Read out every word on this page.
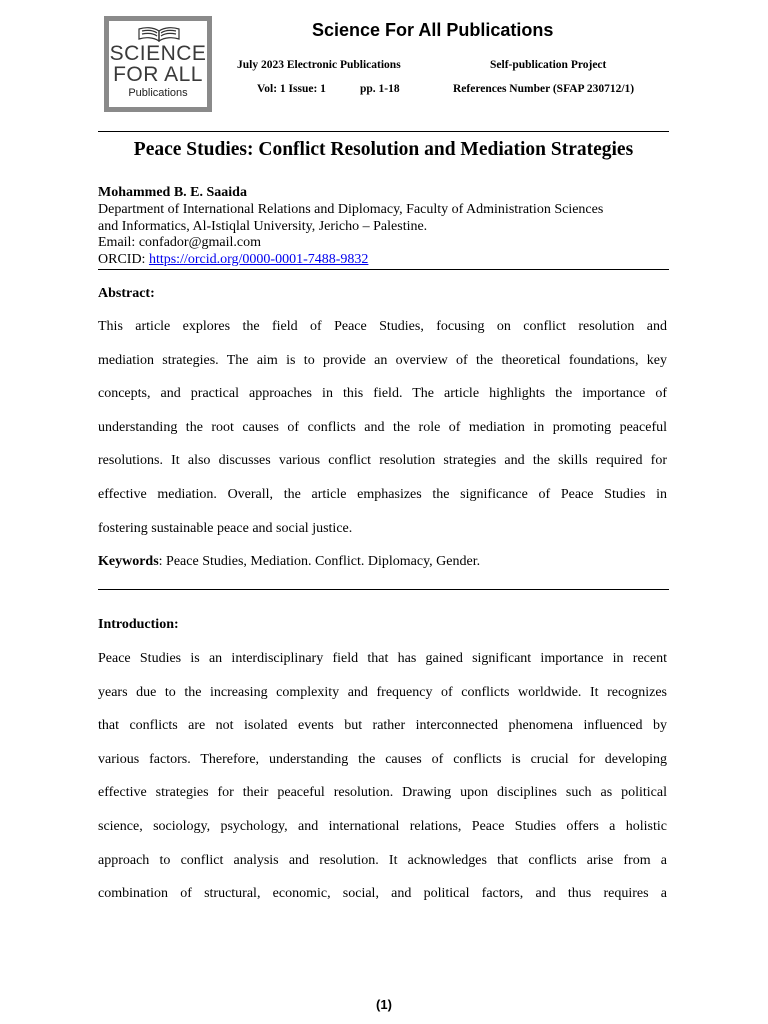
SCIENCE
FOR ALL
Publications
Science For All Publications
July 2023 Electronic Publications	Self-publication Project
Vol: 1 Issue: 1	pp. 1-18	References Number (SFAP 230712/1)
Peace Studies: Conflict Resolution and Mediation Strategies
Mohammed B. E. Saaida
Department of International Relations and Diplomacy, Faculty of Administration Sciences
and Informatics, Al-Istiqlal University, Jericho – Palestine.
Email: confador@gmail.com
ORCID: https://orcid.org/0000-0001-7488-9832
Abstract:
This article explores the field of Peace Studies, focusing on conflict resolution and
mediation strategies. The aim is to provide an overview of the theoretical foundations, key
concepts, and practical approaches in this field. The article highlights the importance of
understanding the root causes of conflicts and the role of mediation in promoting peaceful
resolutions. It also discusses various conflict resolution strategies and the skills required for
effective mediation. Overall, the article emphasizes the significance of Peace Studies in
fostering sustainable peace and social justice.
Keywords: Peace Studies, Mediation. Conflict. Diplomacy, Gender.
Introduction:
Peace Studies is an interdisciplinary field that has gained significant importance in recent
years due to the increasing complexity and frequency of conflicts worldwide. It recognizes
that conflicts are not isolated events but rather interconnected phenomena influenced by
various factors. Therefore, understanding the causes of conflicts is crucial for developing
effective strategies for their peaceful resolution. Drawing upon disciplines such as political
science, sociology, psychology, and international relations, Peace Studies offers a holistic
approach to conflict analysis and resolution. It acknowledges that conflicts arise from a
combination of structural, economic, social, and political factors, and thus requires a
(1)
